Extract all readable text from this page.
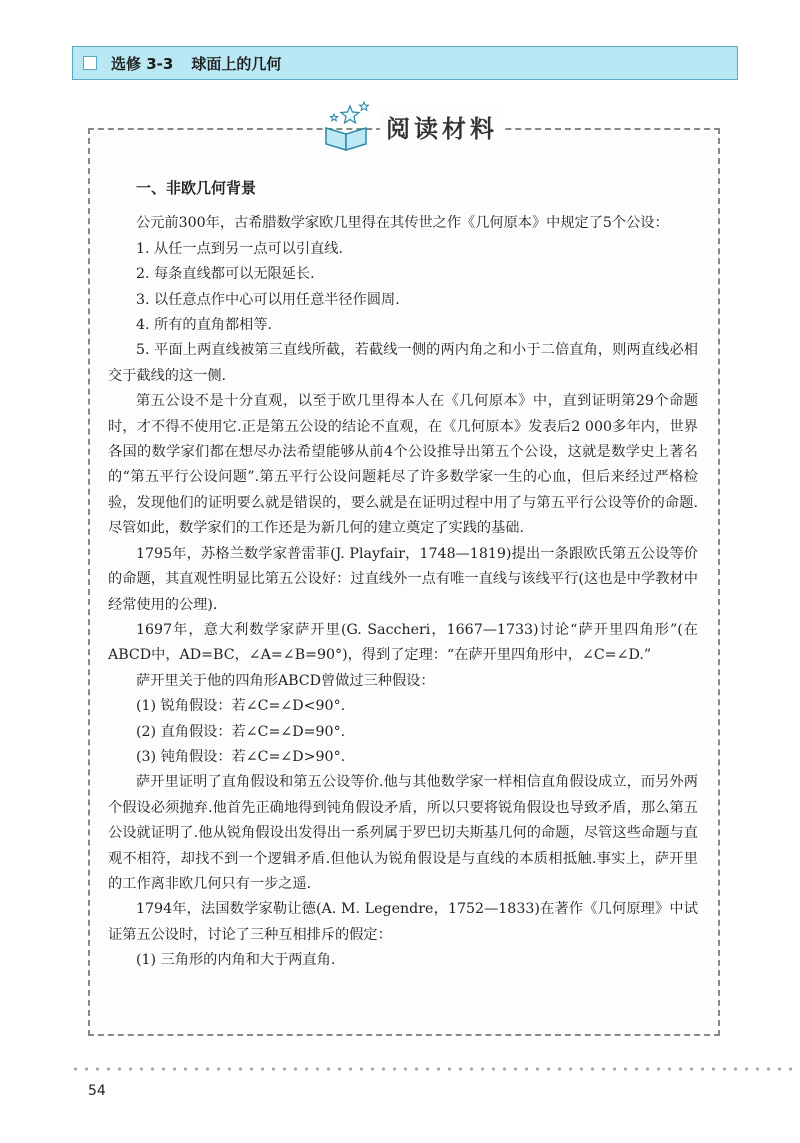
选修 3-3 球面上的几何
阅读材料
一、非欧几何背景

公元前300年，古希腊数学家欧几里得在其传世之作《几何原本》中规定了5个公设：

1. 从任一点到另一点可以引直线.

2. 每条直线都可以无限延长.

3. 以任意点作中心可以用任意半径作圆周.

4. 所有的直角都相等.

5. 平面上两直线被第三直线所截，若截线一侧的两内角之和小于二倍直角，则两直线必相交于截线的这一侧.

第五公设不是十分直观，以至于欧几里得本人在《几何原本》中，直到证明第29个命题时，才不得不使用它.正是第五公设的结论不直观，在《几何原本》发表后2 000多年内，世界各国的数学家们都在想尽办法希望能够从前4个公设推导出第五个公设，这就是数学史上著名的“第五平行公设问题”.第五平行公设问题耗尽了许多数学家一生的心血，但后来经过严格检验，发现他们的证明要么就是错误的，要么就是在证明过程中用了与第五平行公设等价的命题.尽管如此，数学家们的工作还是为新几何的建立奠定了实践的基础.

1795年，苏格兰数学家普雷菲(J. Playfair，1748—1819)提出一条跟欧氏第五公设等价的命题，其直观性明显比第五公设好：过直线外一点有唯一直线与该线平行(这也是中学教材中经常使用的公理).

1697年，意大利数学家萨开里(G. Saccheri，1667—1733)讨论“萨开里四角形”(在ABCD中，AD=BC，∠A=∠B=90°)，得到了定理：“在萨开里四角形中，∠C=∠D.”

萨开里关于他的四角形ABCD曾做过三种假设：

(1) 锐角假设：若∠C=∠D<90°.

(2) 直角假设：若∠C=∠D=90°.

(3) 钝角假设：若∠C=∠D>90°.

萨开里证明了直角假设和第五公设等价.他与其他数学家一样相信直角假设成立，而另外两个假设必须抛弃.他首先正确地得到钝角假设矛盾，所以只要将锐角假设也导致矛盾，那么第五公设就证明了.他从锐角假设出发得出一系列属于罗巴切夫斯基几何的命题，尽管这些命题与直观不相符，却找不到一个逻辑矛盾.但他认为锐角假设是与直线的本质相抵触.事实上，萨开里的工作离非欧几何只有一步之遥.

1794年，法国数学家勒让德(A. M. Legendre，1752—1833)在著作《几何原理》中试证第五公设时，讨论了三种互相排斥的假定：

(1) 三角形的内角和大于两直角.

54
